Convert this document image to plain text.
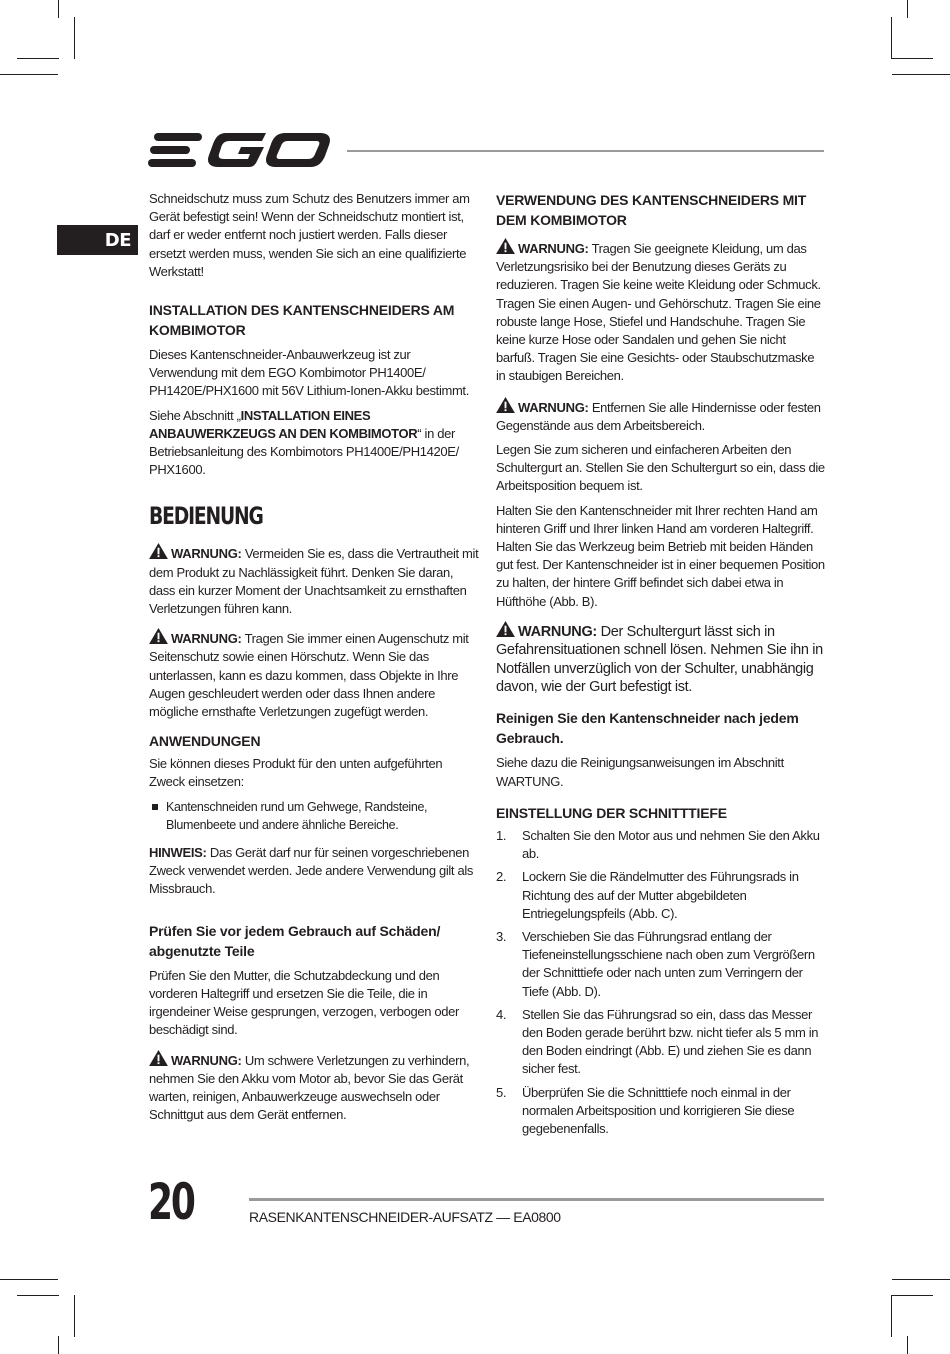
DE

Schneidschutz muss zum Schutz des Benutzers immer am Gerät befestigt sein! Wenn der Schneidschutz montiert ist, darf er weder entfernt noch justiert werden. Falls dieser ersetzt werden muss, wenden Sie sich an eine qualifizierte Werkstatt!

INSTALLATION DES KANTENSCHNEIDERS AM KOMBIMOTOR

Dieses Kantenschneider-Anbauwerkzeug ist zur Verwendung mit dem EGO Kombimotor PH1400E/ PH1420E/PHX1600 mit 56V Lithium-Ionen-Akku bestimmt.

Siehe Abschnitt „INSTALLATION EINES ANBAUWERKZEUGS AN DEN KOMBIMOTOR“ in der Betriebsanleitung des Kombimotors PH1400E/PH1420E/ PHX1600.

BEDIENUNG

WARNUNG: Vermeiden Sie es, dass die Vertrautheit mit dem Produkt zu Nachlässigkeit führt. Denken Sie daran, dass ein kurzer Moment der Unachtsamkeit zu ernsthaften Verletzungen führen kann.

WARNUNG: Tragen Sie immer einen Augenschutz mit Seitenschutz sowie einen Hörschutz. Wenn Sie das unterlassen, kann es dazu kommen, dass Objekte in Ihre Augen geschleudert werden oder dass Ihnen andere mögliche ernsthafte Verletzungen zugefügt werden.

ANWENDUNGEN

Sie können dieses Produkt für den unten aufgeführten Zweck einsetzen:

Kantenschneiden rund um Gehwege, Randsteine, Blumenbeete und andere ähnliche Bereiche.

HINWEIS: Das Gerät darf nur für seinen vorgeschriebenen Zweck verwendet werden. Jede andere Verwendung gilt als Missbrauch.

Prüfen Sie vor jedem Gebrauch auf Schäden/ abgenutzte Teile

Prüfen Sie den Mutter, die Schutzabdeckung und den vorderen Haltegriff und ersetzen Sie die Teile, die in irgendeiner Weise gesprungen, verzogen, verbogen oder beschädigt sind.

WARNUNG: Um schwere Verletzungen zu verhindern, nehmen Sie den Akku vom Motor ab, bevor Sie das Gerät warten, reinigen, Anbauwerkzeuge auswechseln oder Schnittgut aus dem Gerät entfernen.

VERWENDUNG DES KANTENSCHNEIDERS MIT DEM KOMBIMOTOR

WARNUNG: Tragen Sie geeignete Kleidung, um das Verletzungsrisiko bei der Benutzung dieses Geräts zu reduzieren. Tragen Sie keine weite Kleidung oder Schmuck. Tragen Sie einen Augen- und Gehörschutz. Tragen Sie eine robuste lange Hose, Stiefel und Handschuhe. Tragen Sie keine kurze Hose oder Sandalen und gehen Sie nicht barfuß. Tragen Sie eine Gesichts- oder Staubschutzmaske in staubigen Bereichen.

WARNUNG: Entfernen Sie alle Hindernisse oder festen Gegenstände aus dem Arbeitsbereich.

Legen Sie zum sicheren und einfacheren Arbeiten den Schultergurt an. Stellen Sie den Schultergurt so ein, dass die Arbeitsposition bequem ist.

Halten Sie den Kantenschneider mit Ihrer rechten Hand am hinteren Griff und Ihrer linken Hand am vorderen Haltegriff. Halten Sie das Werkzeug beim Betrieb mit beiden Händen gut fest. Der Kantenschneider ist in einer bequemen Position zu halten, der hintere Griff befindet sich dabei etwa in Hüfthöhe (Abb. B).

WARNUNG: Der Schultergurt lässt sich in Gefahrensituationen schnell lösen. Nehmen Sie ihn in Notfällen unverzüglich von der Schulter, unabhängig davon, wie der Gurt befestigt ist.

Reinigen Sie den Kantenschneider nach jedem Gebrauch.

Siehe dazu die Reinigungsanweisungen im Abschnitt WARTUNG.

EINSTELLUNG DER SCHNITTTIEFE
1. Schalten Sie den Motor aus und nehmen Sie den Akku ab.
2. Lockern Sie die Rändelmutter des Führungsrads in Richtung des auf der Mutter abgebildeten Entriegelungspfeils (Abb. C).
3. Verschieben Sie das Führungsrad entlang der Tiefeneinstellungsschiene nach oben zum Vergrößern der Schnitttiefe oder nach unten zum Verringern der Tiefe (Abb. D).
4. Stellen Sie das Führungsrad so ein, dass das Messer den Boden gerade berührt bzw. nicht tiefer als 5 mm in den Boden eindringt (Abb. E) und ziehen Sie es dann sicher fest.
5. Überprüfen Sie die Schnitttiefe noch einmal in der normalen Arbeitsposition und korrigieren Sie diese gegebenenfalls.
20	RASENKANTENSCHNEIDER-AUFSATZ — EA0800
